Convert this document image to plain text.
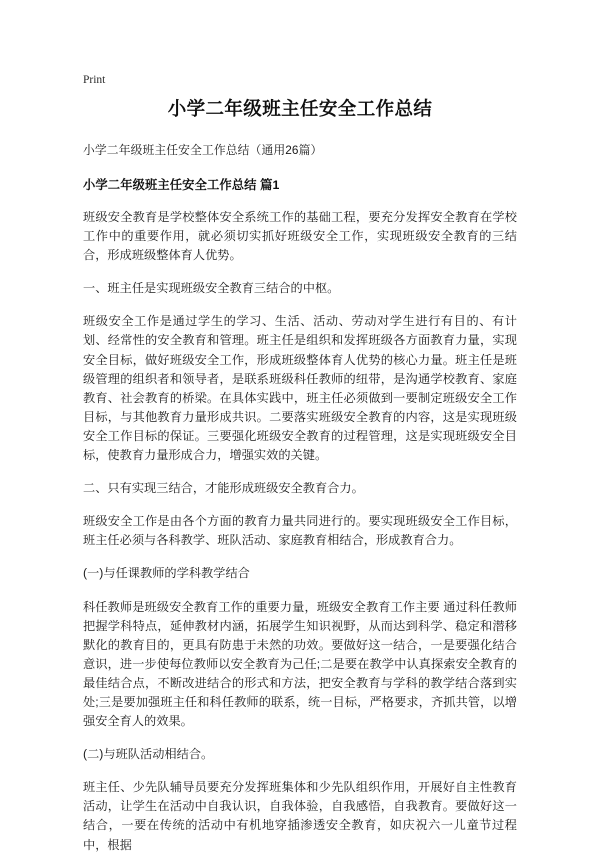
Print
小学二年级班主任安全工作总结

小学二年级班主任安全工作总结（通用26篇）

小学二年级班主任安全工作总结 篇1

班级安全教育是学校整体安全系统工作的基础工程，要充分发挥安全教育在学校工作中的重要作用，就必须切实抓好班级安全工作，实现班级安全教育的三结合，形成班级整体育人优势。

一、班主任是实现班级安全教育三结合的中枢。

班级安全工作是通过学生的学习、生活、活动、劳动对学生进行有目的、有计划、经常性的安全教育和管理。班主任是组织和发挥班级各方面教育力量，实现安全目标，做好班级安全工作，形成班级整体育人优势的核心力量。班主任是班级管理的组织者和领导者，是联系班级科任教师的纽带，是沟通学校教育、家庭教育、社会教育的桥梁。在具体实践中，班主任必须做到一要制定班级安全工作目标，与其他教育力量形成共识。二要落实班级安全教育的内容，这是实现班级安全工作目标的保证。三要强化班级安全教育的过程管理，这是实现班级安全目标，使教育力量形成合力，增强实效的关键。

二、只有实现三结合，才能形成班级安全教育合力。

班级安全工作是由各个方面的教育力量共同进行的。要实现班级安全工作目标，班主任必须与各科教学、班队活动、家庭教育相结合，形成教育合力。

(一)与任课教师的学科教学结合

科任教师是班级安全教育工作的重要力量，班级安全教育工作主要 通过科任教师把握学科特点，延伸教材内涵，拓展学生知识视野，从而达到科学、稳定和潜移默化的教育目的，更具有防患于未然的功效。要做好这一结合，一是要强化结合意识，进一步使每位教师以安全教育为己任;二是要在教学中认真探索安全教育的最佳结合点，不断改进结合的形式和方法，把安全教育与学科的教学结合落到实处;三是要加强班主任和科任教师的联系，统一目标，严格要求，齐抓共管，以增强安全育人的效果。

(二)与班队活动相结合。

班主任、少先队辅导员要充分发挥班集体和少先队组织作用，开展好自主性教育活动，让学生在活动中自我认识，自我体验，自我感悟，自我教育。要做好这一结合，一要在传统的活动中有机地穿插渗透安全教育，如庆祝六一儿童节过程中，根据
